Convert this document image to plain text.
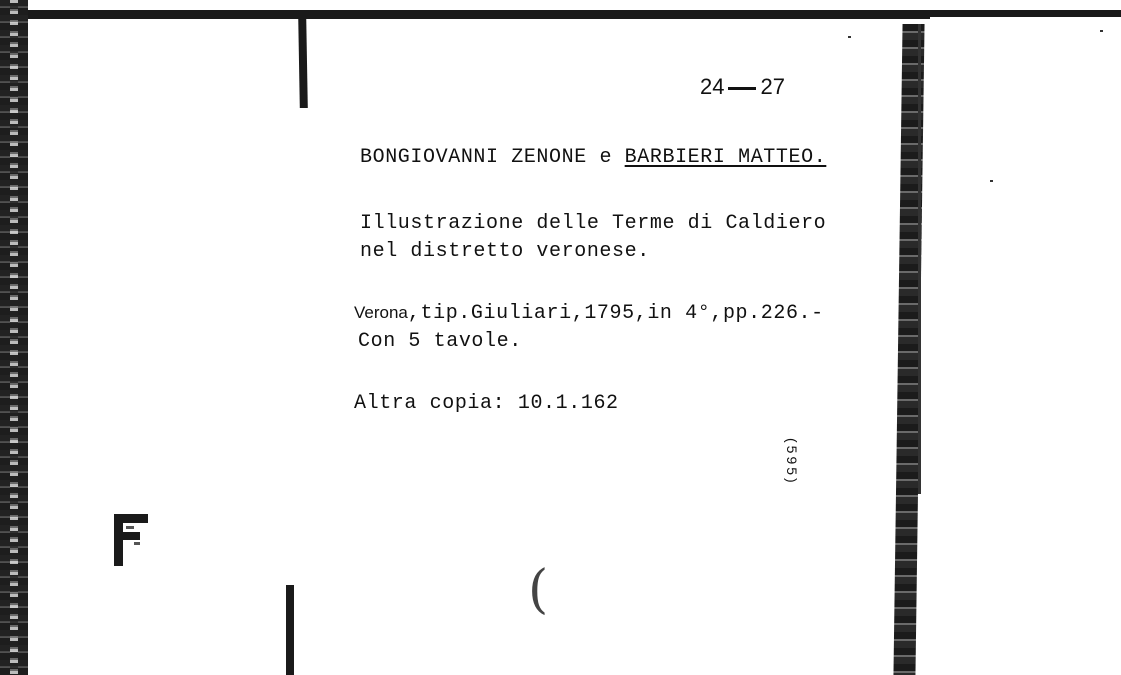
24 27
BONGIOVANNI ZENONE e BARBIERI MATTEO.
Illustrazione delle Terme di Caldiero
nel distretto veronese.
Verona,tip.Giuliari,1795,in 4°,pp.226.-
Con 5 tavole.
Altra copia: 10.1.162
(595)
(
